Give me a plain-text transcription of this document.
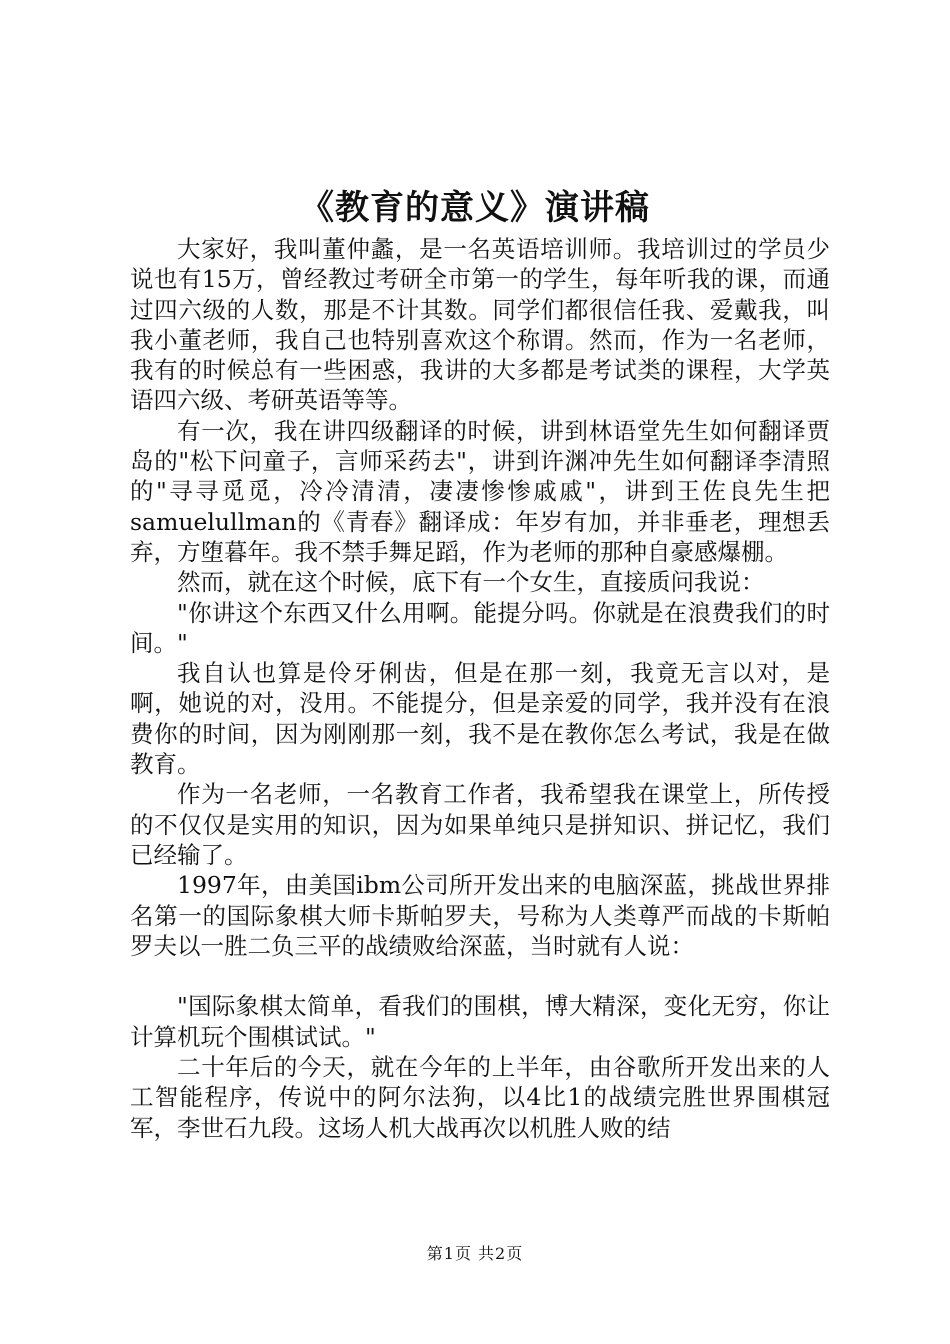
《教育的意义》演讲稿

大家好，我叫董仲蠡，是一名英语培训师。我培训过的学员少说也有15万，曾经教过考研全市第一的学生，每年听我的课，而通过四六级的人数，那是不计其数。同学们都很信任我、爱戴我，叫我小董老师，我自己也特别喜欢这个称谓。然而，作为一名老师，我有的时候总有一些困惑，我讲的大多都是考试类的课程，大学英语四六级、考研英语等等。

有一次，我在讲四级翻译的时候，讲到林语堂先生如何翻译贾岛的"松下问童子，言师采药去"，讲到许渊冲先生如何翻译李清照的"寻寻觅觅，冷冷清清，凄凄惨惨戚戚"，讲到王佐良先生把samuelullman的《青春》翻译成：年岁有加，并非垂老，理想丢弃，方堕暮年。我不禁手舞足蹈，作为老师的那种自豪感爆棚。

然而，就在这个时候，底下有一个女生，直接质问我说：

"你讲这个东西又什么用啊。能提分吗。你就是在浪费我们的时间。"

我自认也算是伶牙俐齿，但是在那一刻，我竟无言以对，是啊，她说的对，没用。不能提分，但是亲爱的同学，我并没有在浪费你的时间，因为刚刚那一刻，我不是在教你怎么考试，我是在做教育。

作为一名老师，一名教育工作者，我希望我在课堂上，所传授的不仅仅是实用的知识，因为如果单纯只是拼知识、拼记忆，我们已经输了。

1997年，由美国ibm公司所开发出来的电脑深蓝，挑战世界排名第一的国际象棋大师卡斯帕罗夫，号称为人类尊严而战的卡斯帕罗夫以一胜二负三平的战绩败给深蓝，当时就有人说：

"国际象棋太简单，看我们的围棋，博大精深，变化无穷，你让计算机玩个围棋试试。"

二十年后的今天，就在今年的上半年，由谷歌所开发出来的人工智能程序，传说中的阿尔法狗，以4比1的战绩完胜世界围棋冠军，李世石九段。这场人机大战再次以机胜人败的结

第1页 共2页
